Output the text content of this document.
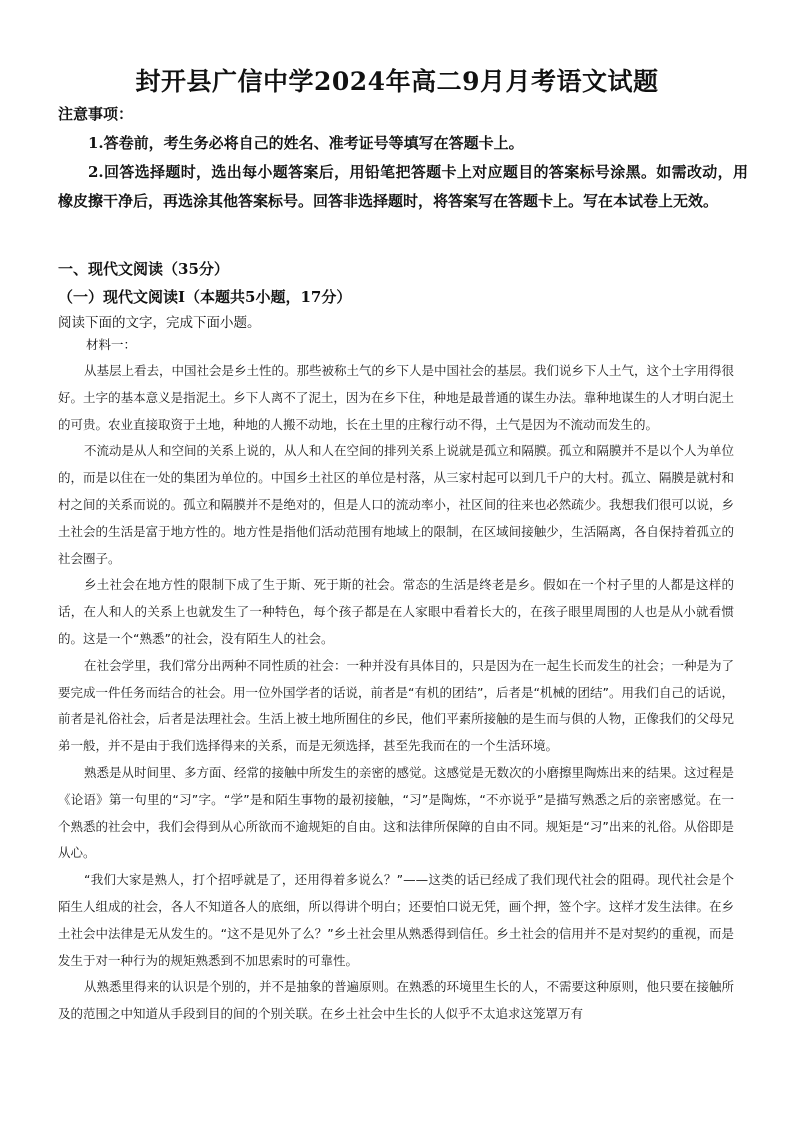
封开县广信中学2024年高二9月月考语文试题

注意事项：

1.答卷前，考生务必将自己的姓名、准考证号等填写在答题卡上。

2.回答选择题时，选出每小题答案后，用铅笔把答题卡上对应题目的答案标号涂黑。如需改动，用橡皮擦干净后，再选涂其他答案标号。回答非选择题时，将答案写在答题卡上。写在本试卷上无效。

一、现代文阅读（35分）
（一）现代文阅读Ⅰ（本题共5小题，17分）
阅读下面的文字，完成下面小题。
材料一：

从基层上看去，中国社会是乡土性的。那些被称土气的乡下人是中国社会的基层。我们说乡下人土气，这个土字用得很好。土字的基本意义是指泥土。乡下人离不了泥土，因为在乡下住，种地是最普通的谋生办法。靠种地谋生的人才明白泥土的可贵。农业直接取资于土地，种地的人搬不动地，长在土里的庄稼行动不得，土气是因为不流动而发生的。

不流动是从人和空间的关系上说的，从人和人在空间的排列关系上说就是孤立和隔膜。孤立和隔膜并不是以个人为单位的，而是以住在一处的集团为单位的。中国乡土社区的单位是村落，从三家村起可以到几千户的大村。孤立、隔膜是就村和村之间的关系而说的。孤立和隔膜并不是绝对的，但是人口的流动率小，社区间的往来也必然疏少。我想我们很可以说，乡土社会的生活是富于地方性的。地方性是指他们活动范围有地域上的限制，在区域间接触少，生活隔离，各自保持着孤立的社会圈子。

乡土社会在地方性的限制下成了生于斯、死于斯的社会。常态的生活是终老是乡。假如在一个村子里的人都是这样的话，在人和人的关系上也就发生了一种特色，每个孩子都是在人家眼中看着长大的，在孩子眼里周围的人也是从小就看惯的。这是一个“熟悉”的社会，没有陌生人的社会。

在社会学里，我们常分出两种不同性质的社会：一种并没有具体目的，只是因为在一起生长而发生的社会；一种是为了要完成一件任务而结合的社会。用一位外国学者的话说，前者是“有机的团结”，后者是“机械的团结”。用我们自己的话说，前者是礼俗社会，后者是法理社会。生活上被土地所囿住的乡民，他们平素所接触的是生而与俱的人物，正像我们的父母兄弟一般，并不是由于我们选择得来的关系，而是无须选择，甚至先我而在的一个生活环境。

熟悉是从时间里、多方面、经常的接触中所发生的亲密的感觉。这感觉是无数次的小磨擦里陶炼出来的结果。这过程是《论语》第一句里的“习”字。“学”是和陌生事物的最初接触，“习”是陶炼，“不亦说乎”是描写熟悉之后的亲密感觉。在一个熟悉的社会中，我们会得到从心所欲而不逾规矩的自由。这和法律所保障的自由不同。规矩是“习”出来的礼俗。从俗即是从心。

“我们大家是熟人，打个招呼就是了，还用得着多说么？”——这类的话已经成了我们现代社会的阻碍。现代社会是个陌生人组成的社会，各人不知道各人的底细，所以得讲个明白；还要怕口说无凭，画个押，签个字。这样才发生法律。在乡土社会中法律是无从发生的。“这不是见外了么？”乡土社会里从熟悉得到信任。乡土社会的信用并不是对契约的重视，而是发生于对一种行为的规矩熟悉到不加思索时的可靠性。

从熟悉里得来的认识是个别的，并不是抽象的普遍原则。在熟悉的环境里生长的人，不需要这种原则，他只要在接触所及的范围之中知道从手段到目的间的个别关联。在乡土社会中生长的人似乎不太追求这笼罩万有
